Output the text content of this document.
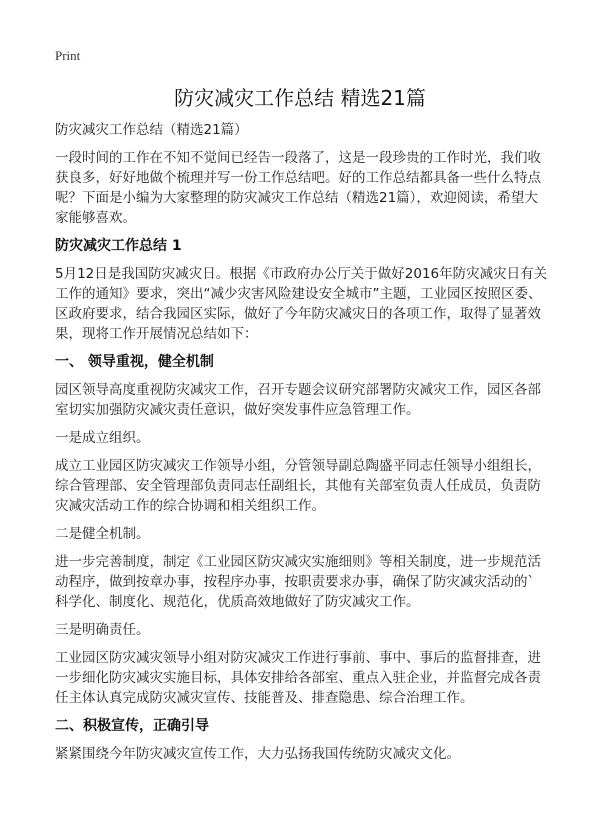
Print
防灾减灾工作总结 精选21篇

防灾减灾工作总结（精选21篇）

一段时间的工作在不知不觉间已经告一段落了，这是一段珍贵的工作时光，我们收
获良多，好好地做个梳理并写一份工作总结吧。好的工作总结都具备一些什么特点
呢？下面是小编为大家整理的防灾减灾工作总结（精选21篇），欢迎阅读，希望大
家能够喜欢。

防灾减灾工作总结 1

5月12日是我国防灾减灾日。根据《市政府办公厅关于做好2016年防灾减灾日有关
工作的通知》要求，突出“减少灾害风险建设安全城市”主题，工业园区按照区委、
区政府要求，结合我园区实际，做好了今年防灾减灾日的各项工作，取得了显著效
果，现将工作开展情况总结如下：

一、 领导重视，健全机制

园区领导高度重视防灾减灾工作，召开专题会议研究部署防灾减灾工作，园区各部
室切实加强防灾减灾责任意识，做好突发事件应急管理工作。

一是成立组织。

成立工业园区防灾减灾工作领导小组，分管领导副总陶盛平同志任领导小组组长，
综合管理部、安全管理部负责同志任副组长，其他有关部室负责人任成员，负责防
灾减灾活动工作的综合协调和相关组织工作。

二是健全机制。

进一步完善制度，制定《工业园区防灾减灾实施细则》等相关制度，进一步规范活
动程序，做到按章办事，按程序办事，按职责要求办事，确保了防灾减灾活动的`
科学化、制度化、规范化，优质高效地做好了防灾减灾工作。

三是明确责任。

工业园区防灾减灾领导小组对防灾减灾工作进行事前、事中、事后的监督排查，进
一步细化防灾减灾实施目标，具体安排给各部室、重点入驻企业，并监督完成各责
任主体认真完成防灾减灾宣传、技能普及、排查隐患、综合治理工作。

二、积极宣传，正确引导

紧紧围绕今年防灾减灾宣传工作，大力弘扬我国传统防灾减灾文化。
